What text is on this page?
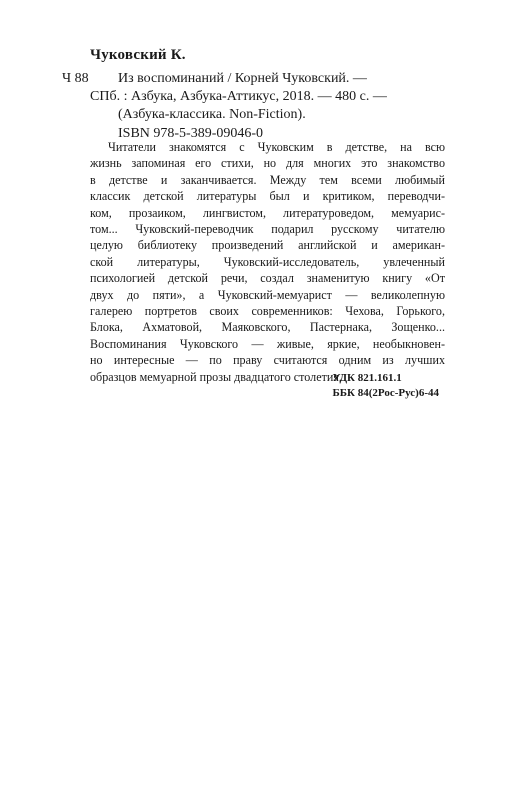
Чуковский К.
Ч 88 Из воспоминаний / Корней Чуковский. —
СПб. : Азбука, Азбука-Аттикус, 2018. — 480 с. —
(Азбука-классика. Non-Fiction).
ISBN 978-5-389-09046-0
Читатели знакомятся с Чуковским в детстве, на всю
жизнь запоминая его стихи, но для многих это знакомство
в детстве и заканчивается. Между тем всеми любимый
классик детской литературы был и критиком, переводчи-
ком, прозаиком, лингвистом, литературоведом, мемуарис-
том... Чуковский-переводчик подарил русскому читателю
целую библиотеку произведений английской и американ-
ской литературы, Чуковский-исследователь, увлеченный
психологией детской речи, создал знаменитую книгу «От
двух до пяти», а Чуковский-мемуарист — великолепную
галерею портретов своих современников: Чехова, Горького,
Блока, Ахматовой, Маяковского, Пастернака, Зощенко...
Воспоминания Чуковского — живые, яркие, необыкновен-
но интересные — по праву считаются одним из лучших
образцов мемуарной прозы двадцатого столетия.
УДК 821.161.1
ББК 84(2Рос-Рус)6-44
